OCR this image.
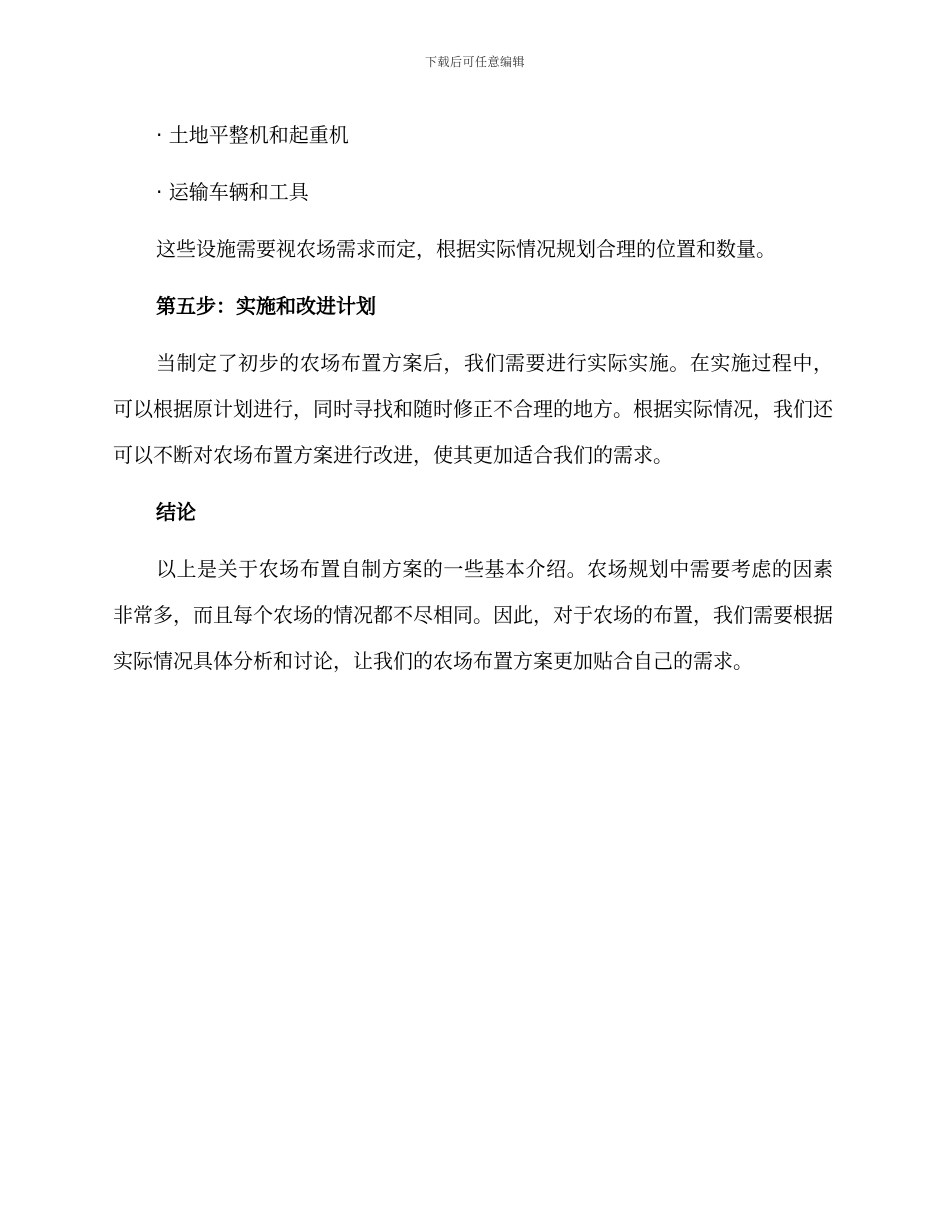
下载后可任意编辑

· 土地平整机和起重机

· 运输车辆和工具

这些设施需要视农场需求而定，根据实际情况规划合理的位置和数量。

第五步：实施和改进计划

当制定了初步的农场布置方案后，我们需要进行实际实施。在实施过程中，可以根据原计划进行，同时寻找和随时修正不合理的地方。根据实际情况，我们还可以不断对农场布置方案进行改进，使其更加适合我们的需求。

结论

以上是关于农场布置自制方案的一些基本介绍。农场规划中需要考虑的因素非常多，而且每个农场的情况都不尽相同。因此，对于农场的布置，我们需要根据实际情况具体分析和讨论，让我们的农场布置方案更加贴合自己的需求。
